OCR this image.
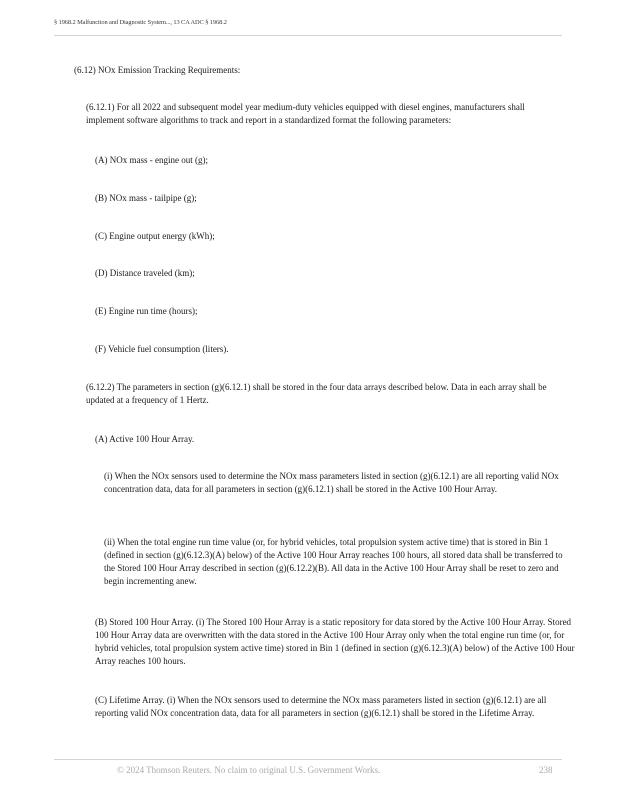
§ 1968.2 Malfunction and Diagnostic System..., 13 CA ADC § 1968.2

(6.12) NOx Emission Tracking Requirements:

(6.12.1) For all 2022 and subsequent model year medium-duty vehicles equipped with diesel engines, manufacturers shall implement software algorithms to track and report in a standardized format the following parameters:

(A) NOx mass - engine out (g);

(B) NOx mass - tailpipe (g);

(C) Engine output energy (kWh);

(D) Distance traveled (km);

(E) Engine run time (hours);

(F) Vehicle fuel consumption (liters).

(6.12.2) The parameters in section (g)(6.12.1) shall be stored in the four data arrays described below. Data in each array shall be updated at a frequency of 1 Hertz.

(A) Active 100 Hour Array.

(i) When the NOx sensors used to determine the NOx mass parameters listed in section (g)(6.12.1) are all reporting valid NOx concentration data, data for all parameters in section (g)(6.12.1) shall be stored in the Active 100 Hour Array.

(ii) When the total engine run time value (or, for hybrid vehicles, total propulsion system active time) that is stored in Bin 1 (defined in section (g)(6.12.3)(A) below) of the Active 100 Hour Array reaches 100 hours, all stored data shall be transferred to the Stored 100 Hour Array described in section (g)(6.12.2)(B). All data in the Active 100 Hour Array shall be reset to zero and begin incrementing anew.

(B) Stored 100 Hour Array. (i) The Stored 100 Hour Array is a static repository for data stored by the Active 100 Hour Array. Stored 100 Hour Array data are overwritten with the data stored in the Active 100 Hour Array only when the total engine run time (or, for hybrid vehicles, total propulsion system active time) stored in Bin 1 (defined in section (g)(6.12.3)(A) below) of the Active 100 Hour Array reaches 100 hours.

(C) Lifetime Array. (i) When the NOx sensors used to determine the NOx mass parameters listed in section (g)(6.12.1) are all reporting valid NOx concentration data, data for all parameters in section (g)(6.12.1) shall be stored in the Lifetime Array.

© 2024 Thomson Reuters. No claim to original U.S. Government Works.	238
